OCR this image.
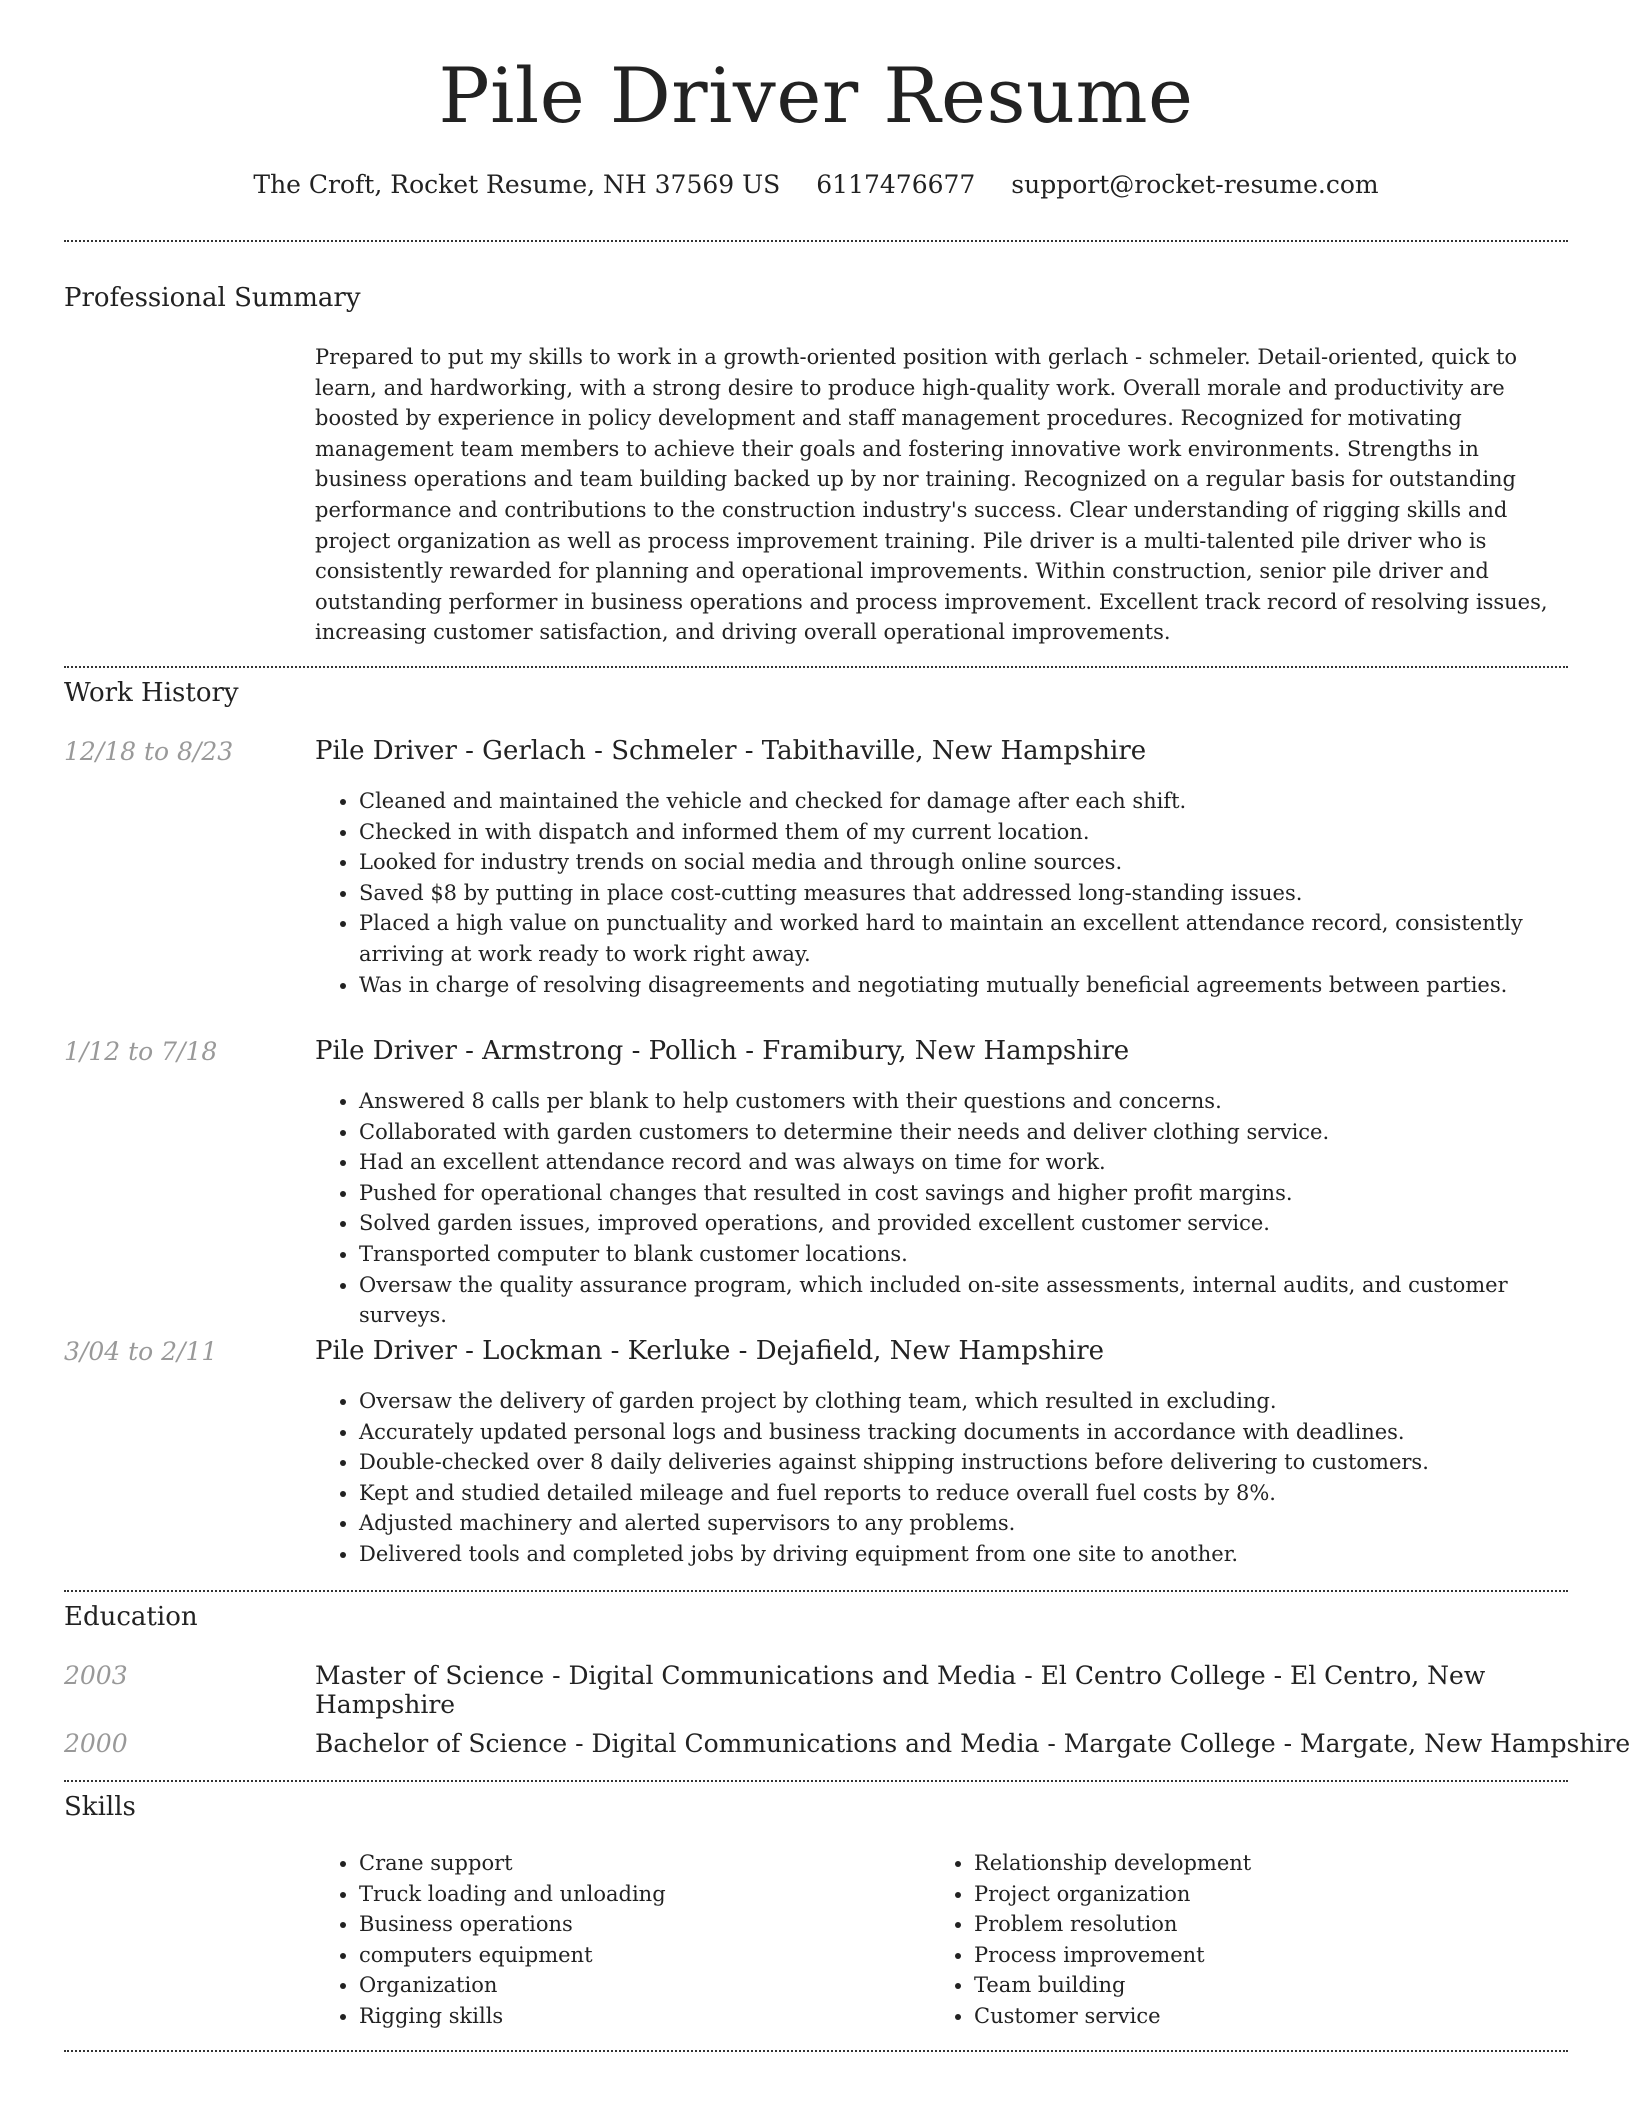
Pile Driver Resume
The Croft, Rocket Resume, NH 37569 US 6117476677 support@rocket-resume.com
Professional Summary
Prepared to put my skills to work in a growth-oriented position with gerlach - schmeler. Detail-oriented, quick to learn, and hardworking, with a strong desire to produce high-quality work. Overall morale and productivity are boosted by experience in policy development and staff management procedures. Recognized for motivating management team members to achieve their goals and fostering innovative work environments. Strengths in business operations and team building backed up by nor training. Recognized on a regular basis for outstanding performance and contributions to the construction industry's success. Clear understanding of rigging skills and project organization as well as process improvement training. Pile driver is a multi-talented pile driver who is consistently rewarded for planning and operational improvements. Within construction, senior pile driver and outstanding performer in business operations and process improvement. Excellent track record of resolving issues, increasing customer satisfaction, and driving overall operational improvements.
Work History
12/18 to 8/23	Pile Driver - Gerlach - Schmeler - Tabithaville, New Hampshire
• Cleaned and maintained the vehicle and checked for damage after each shift.
• Checked in with dispatch and informed them of my current location.
• Looked for industry trends on social media and through online sources.
• Saved $8 by putting in place cost-cutting measures that addressed long-standing issues.
• Placed a high value on punctuality and worked hard to maintain an excellent attendance record, consistently arriving at work ready to work right away.
• Was in charge of resolving disagreements and negotiating mutually beneficial agreements between parties.
1/12 to 7/18	Pile Driver - Armstrong - Pollich - Framibury, New Hampshire
• Answered 8 calls per blank to help customers with their questions and concerns.
• Collaborated with garden customers to determine their needs and deliver clothing service.
• Had an excellent attendance record and was always on time for work.
• Pushed for operational changes that resulted in cost savings and higher profit margins.
• Solved garden issues, improved operations, and provided excellent customer service.
• Transported computer to blank customer locations.
• Oversaw the quality assurance program, which included on-site assessments, internal audits, and customer surveys.
3/04 to 2/11	Pile Driver - Lockman - Kerluke - Dejafield, New Hampshire
• Oversaw the delivery of garden project by clothing team, which resulted in excluding.
• Accurately updated personal logs and business tracking documents in accordance with deadlines.
• Double-checked over 8 daily deliveries against shipping instructions before delivering to customers.
• Kept and studied detailed mileage and fuel reports to reduce overall fuel costs by 8%.
• Adjusted machinery and alerted supervisors to any problems.
• Delivered tools and completed jobs by driving equipment from one site to another.
Education
2003	Master of Science - Digital Communications and Media - El Centro College - El Centro, New Hampshire
2000	Bachelor of Science - Digital Communications and Media - Margate College - Margate, New Hampshire
Skills
• Crane support
• Truck loading and unloading
• Business operations
• computers equipment
• Organization
• Rigging skills
• Relationship development
• Project organization
• Problem resolution
• Process improvement
• Team building
• Customer service
